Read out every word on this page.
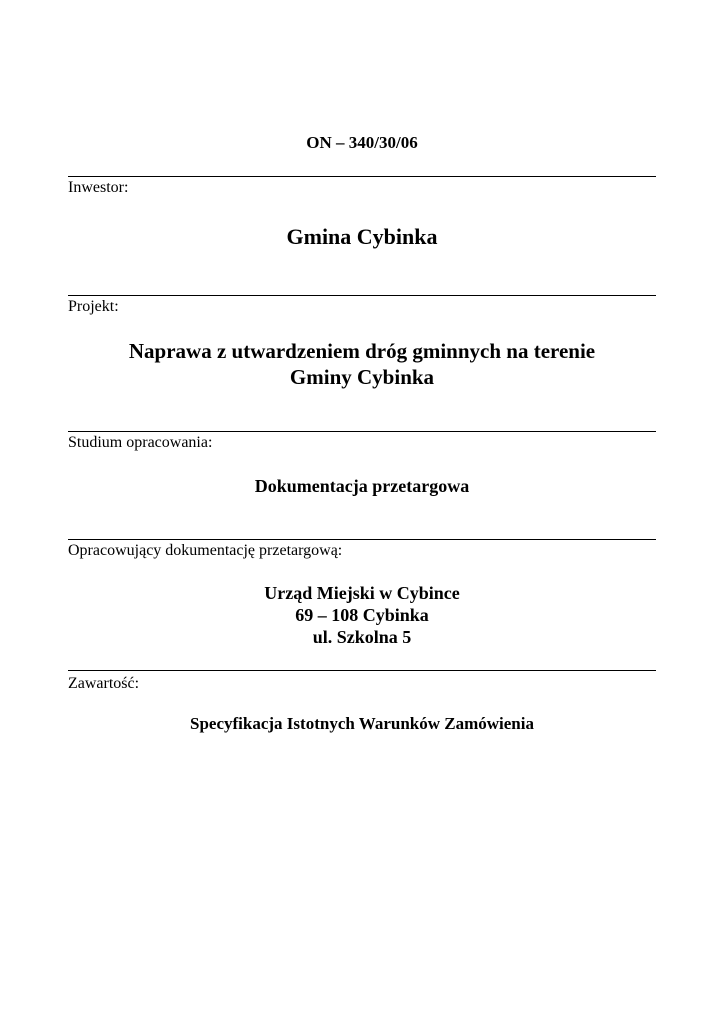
ON – 340/30/06
Inwestor:
Gmina Cybinka
Projekt:
Naprawa z utwardzeniem dróg gminnych na terenie
Gminy Cybinka
Studium opracowania:
Dokumentacja przetargowa
Opracowujący dokumentację przetargową:
Urząd Miejski w Cybince
69 – 108 Cybinka
ul. Szkolna 5
Zawartość:
Specyfikacja Istotnych Warunków Zamówienia
